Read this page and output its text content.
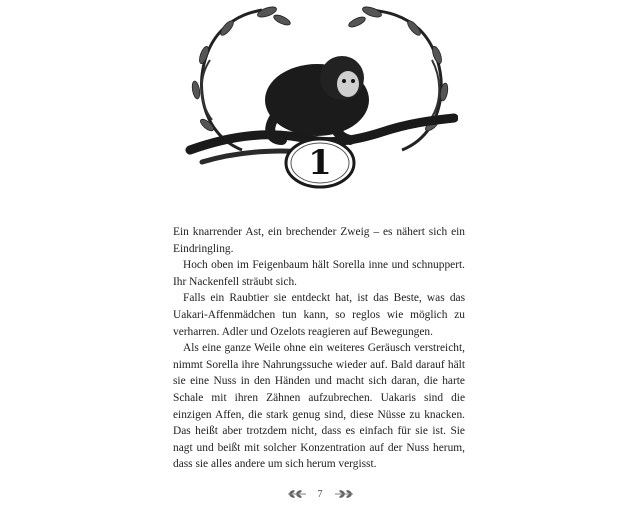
1

Ein knarrender Ast, ein brechender Zweig – es nähert sich ein Eindringling.

Hoch oben im Feigenbaum hält Sorella inne und schnuppert. Ihr Nackenfell sträubt sich.

Falls ein Raubtier sie entdeckt hat, ist das Beste, was das Uakari-Affenmädchen tun kann, so reglos wie möglich zu verharren. Adler und Ozelots reagieren auf Bewegungen.

Als eine ganze Weile ohne ein weiteres Geräusch verstreicht, nimmt Sorella ihre Nahrungssuche wieder auf. Bald darauf hält sie eine Nuss in den Händen und macht sich daran, die harte Schale mit ihren Zähnen aufzubrechen. Uakaris sind die einzigen Affen, die stark genug sind, diese Nüsse zu knacken. Das heißt aber trotzdem nicht, dass es einfach für sie ist. Sie nagt und beißt mit solcher Konzentration auf der Nuss herum, dass sie alles andere um sich herum vergisst.

7
